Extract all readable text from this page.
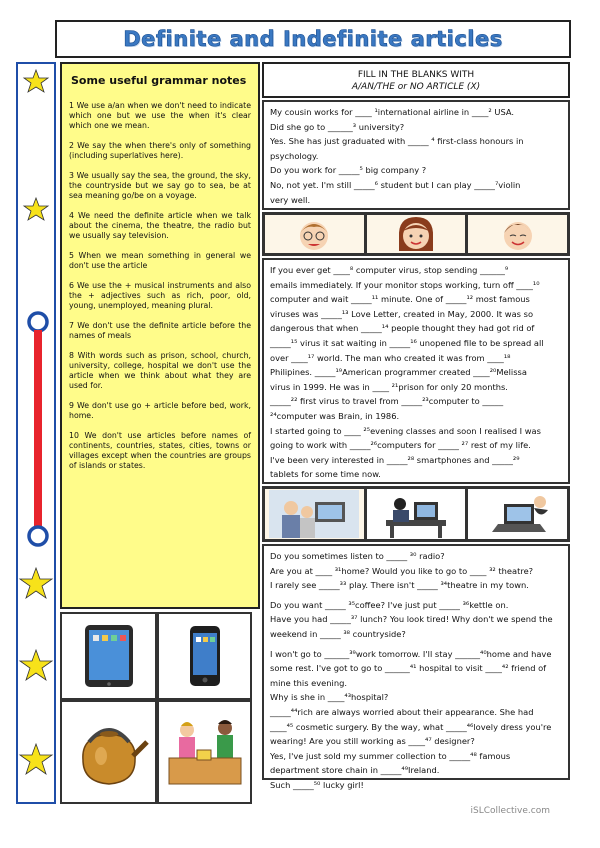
Definite and Indefinite articles
Some useful grammar notes
1 We use a/an when we don't need to indicate which one but we use the when it's clear which one we mean.
2 We say the when there's only of something (including superlatives here).
3 We usually say the sea, the ground, the sky, the countryside but we say go to sea, be at sea meaning go/be on a voyage.
4 We need the definite article when we talk about the cinema, the theatre, the radio but we usually say television.
5 When we mean something in general we don't use the article
6 We use the + musical instruments and also the + adjectives such as rich, poor, old, young, unemployed, meaning plural.
7 We don't use the definite article before the names of meals
8 With words such as prison, school, church, university, college, hospital we don't use the article when we think about what they are used for.
9 We don't use go + article before bed, work, home.
10 We don't use articles before names of continents, countries, states, cities, towns or villages except when the countries are groups of islands or states.
FILL IN THE BLANKS WITH
A/AN/THE or NO ARTICLE (X)

My cousin works for ____ ¹international airline in ____² USA.

Did she go to ______³ university?

Yes. She has just graduated with _____ ⁴ first-class honours in

psychology.

Do you work for _____⁵ big company ?

No, not yet. I'm still _____⁶ student but I can play _____⁷violin

very well.

If you ever get ____⁸ computer virus, stop sending ______⁹

emails immediately. If your monitor stops working, turn off ____¹⁰

computer and wait _____¹¹ minute. One of _____¹² most famous

viruses was _____¹³ Love Letter, created in May, 2000. It was so

dangerous that when _____¹⁴ people thought they had got rid of

_____¹⁵ virus it sat waiting in _____¹⁶ unopened file to be spread all

over ____¹⁷ world. The man who created it was from ____¹⁸

Philipines. _____¹⁹American programmer created ____²⁰Melissa

virus in 1999. He was in ____ ²¹prison for only 20 months.

_____²² first virus to travel from _____²³computer to _____

²⁴computer was Brain, in 1986.

I started going to ____ ²⁵evening classes and soon I realised I was

going to work with _____²⁶computers for _____ ²⁷ rest of my life.

I've been very interested in _____²⁸ smartphones and _____²⁹

tablets for some time now.

Do you sometimes listen to _____ ³⁰ radio?

Are you at ____ ³¹home? Would you like to go to ____ ³² theatre?

I rarely see _____³³ play. There isn't _____ ³⁴theatre in my town.

Do you want _____ ³⁵coffee? I've just put _____ ³⁶kettle on.

Have you had _____³⁷ lunch? You look tired! Why don't we spend the

weekend in _____ ³⁸ countryside?

I won't go to ______³⁹work tomorrow. I'll stay ______⁴⁰home and have

some rest. I've got to go to ______⁴¹ hospital to visit ____⁴² friend of

mine this evening.

Why is she in ____⁴³hospital?

_____⁴⁴rich are always worried about their appearance. She had

____⁴⁵ cosmetic surgery. By the way, what _____⁴⁶lovely dress you're

wearing! Are you still working as ____⁴⁷ designer?

Yes, I've just sold my summer collection to _____⁴⁸ famous

department store chain in _____⁴⁹Ireland.

Such _____⁵⁰ lucky girl!

iSLCollective.com
